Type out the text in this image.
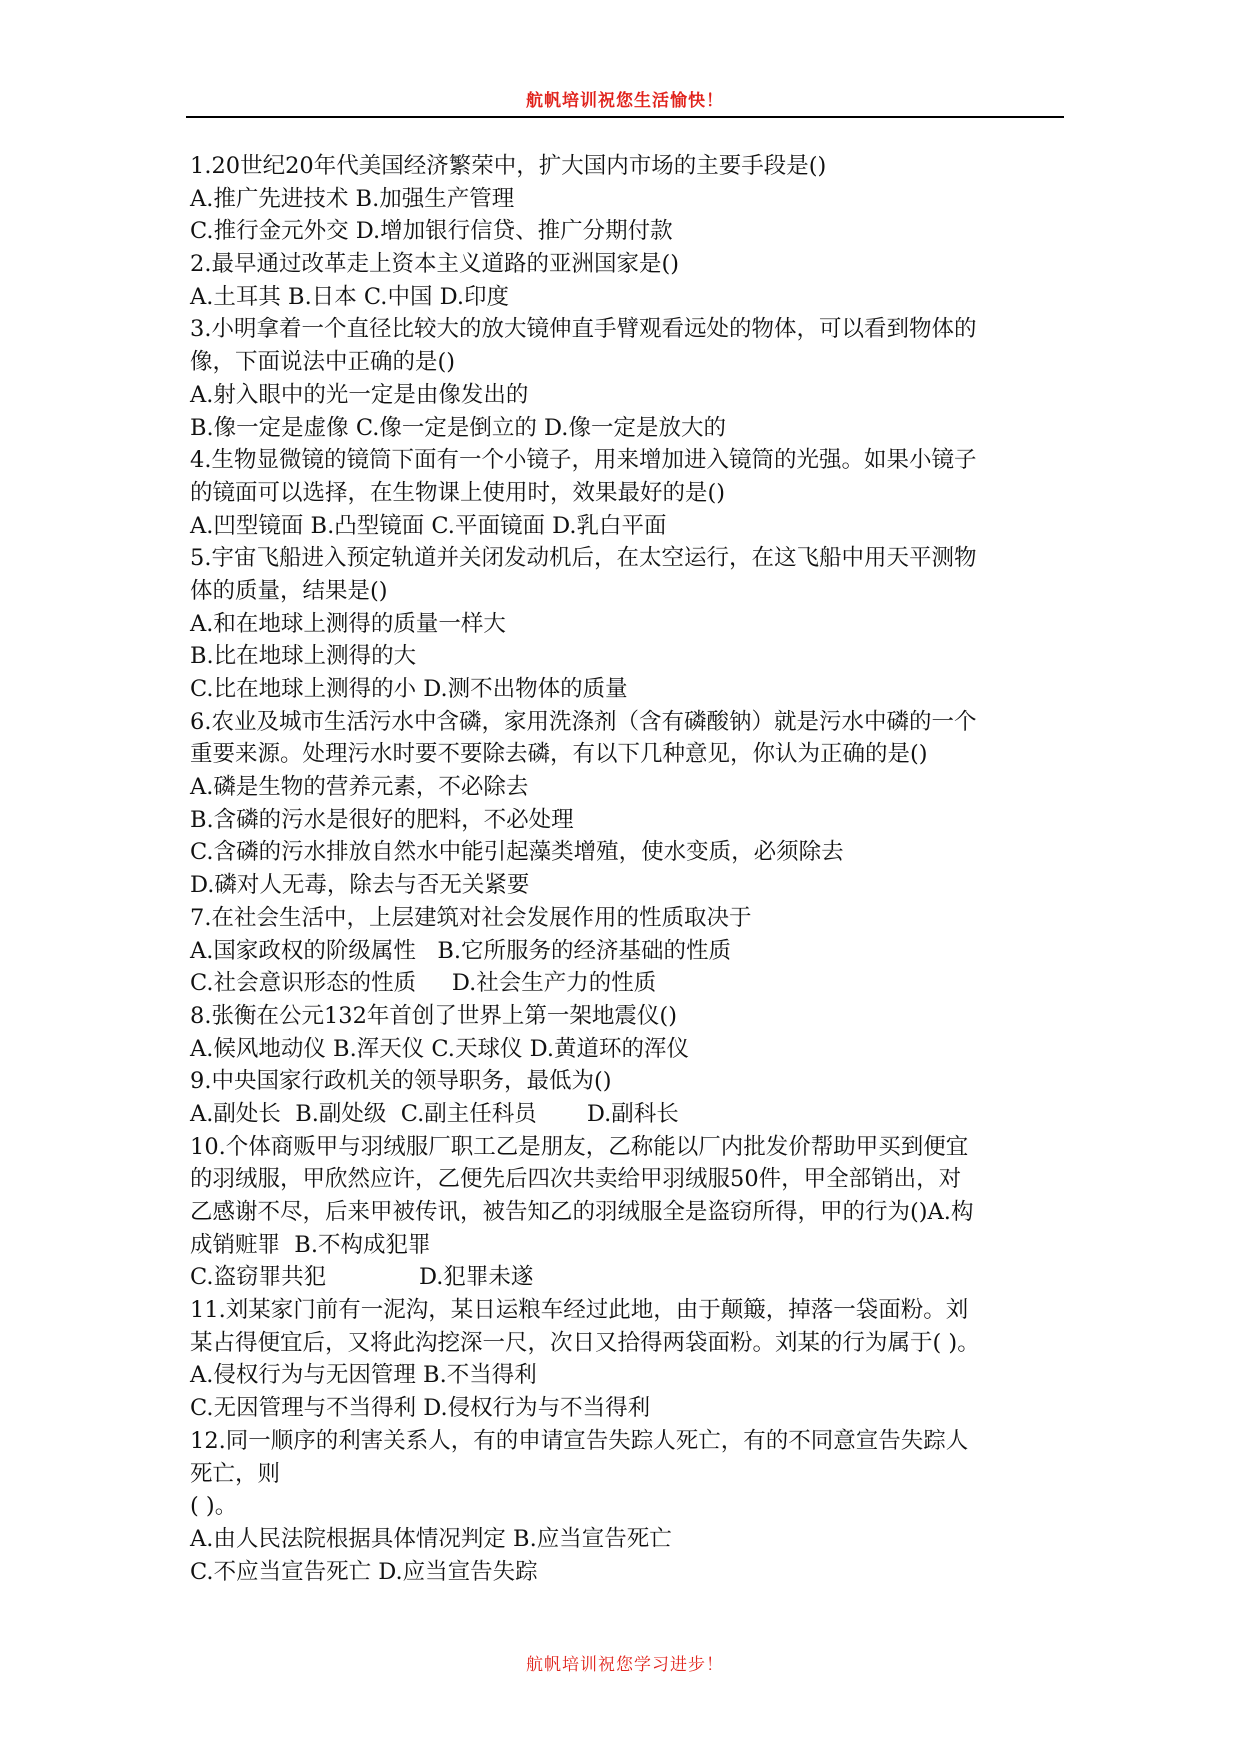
航帆培训祝您生活愉快！
1.20世纪20年代美国经济繁荣中，扩大国内市场的主要手段是()
A.推广先进技术 B.加强生产管理
C.推行金元外交 D.增加银行信贷、推广分期付款
2.最早通过改革走上资本主义道路的亚洲国家是()
A.土耳其 B.日本 C.中国 D.印度
3.小明拿着一个直径比较大的放大镜伸直手臂观看远处的物体，可以看到物体的
像，下面说法中正确的是()
A.射入眼中的光一定是由像发出的
B.像一定是虚像 C.像一定是倒立的 D.像一定是放大的
4.生物显微镜的镜筒下面有一个小镜子，用来增加进入镜筒的光强。如果小镜子
的镜面可以选择，在生物课上使用时，效果最好的是()
A.凹型镜面 B.凸型镜面 C.平面镜面 D.乳白平面
5.宇宙飞船进入预定轨道并关闭发动机后，在太空运行，在这飞船中用天平测物
体的质量，结果是()
A.和在地球上测得的质量一样大
B.比在地球上测得的大
C.比在地球上测得的小 D.测不出物体的质量
6.农业及城市生活污水中含磷，家用洗涤剂（含有磷酸钠）就是污水中磷的一个
重要来源。处理污水时要不要除去磷，有以下几种意见，你认为正确的是()
A.磷是生物的营养元素，不必除去
B.含磷的污水是很好的肥料，不必处理
C.含磷的污水排放自然水中能引起藻类增殖，使水变质，必须除去
D.磷对人无毒，除去与否无关紧要
7.在社会生活中，上层建筑对社会发展作用的性质取决于
A.国家政权的阶级属性   B.它所服务的经济基础的性质
C.社会意识形态的性质     D.社会生产力的性质
8.张衡在公元132年首创了世界上第一架地震仪()
A.候风地动仪 B.浑天仪 C.天球仪 D.黄道环的浑仪
9.中央国家行政机关的领导职务，最低为()
A.副处长  B.副处级  C.副主任科员       D.副科长
10.个体商贩甲与羽绒服厂职工乙是朋友，乙称能以厂内批发价帮助甲买到便宜
的羽绒服，甲欣然应许，乙便先后四次共卖给甲羽绒服50件，甲全部销出，对
乙感谢不尽，后来甲被传讯，被告知乙的羽绒服全是盗窃所得，甲的行为()A.构
成销赃罪  B.不构成犯罪
C.盗窃罪共犯             D.犯罪未遂
11.刘某家门前有一泥沟，某日运粮车经过此地，由于颠簸，掉落一袋面粉。刘
某占得便宜后，又将此沟挖深一尺，次日又拾得两袋面粉。刘某的行为属于( )。
A.侵权行为与无因管理 B.不当得利
C.无因管理与不当得利 D.侵权行为与不当得利
12.同一顺序的利害关系人，有的申请宣告失踪人死亡，有的不同意宣告失踪人
死亡，则
( )。
A.由人民法院根据具体情况判定 B.应当宣告死亡
C.不应当宣告死亡 D.应当宣告失踪
航帆培训祝您学习进步！
